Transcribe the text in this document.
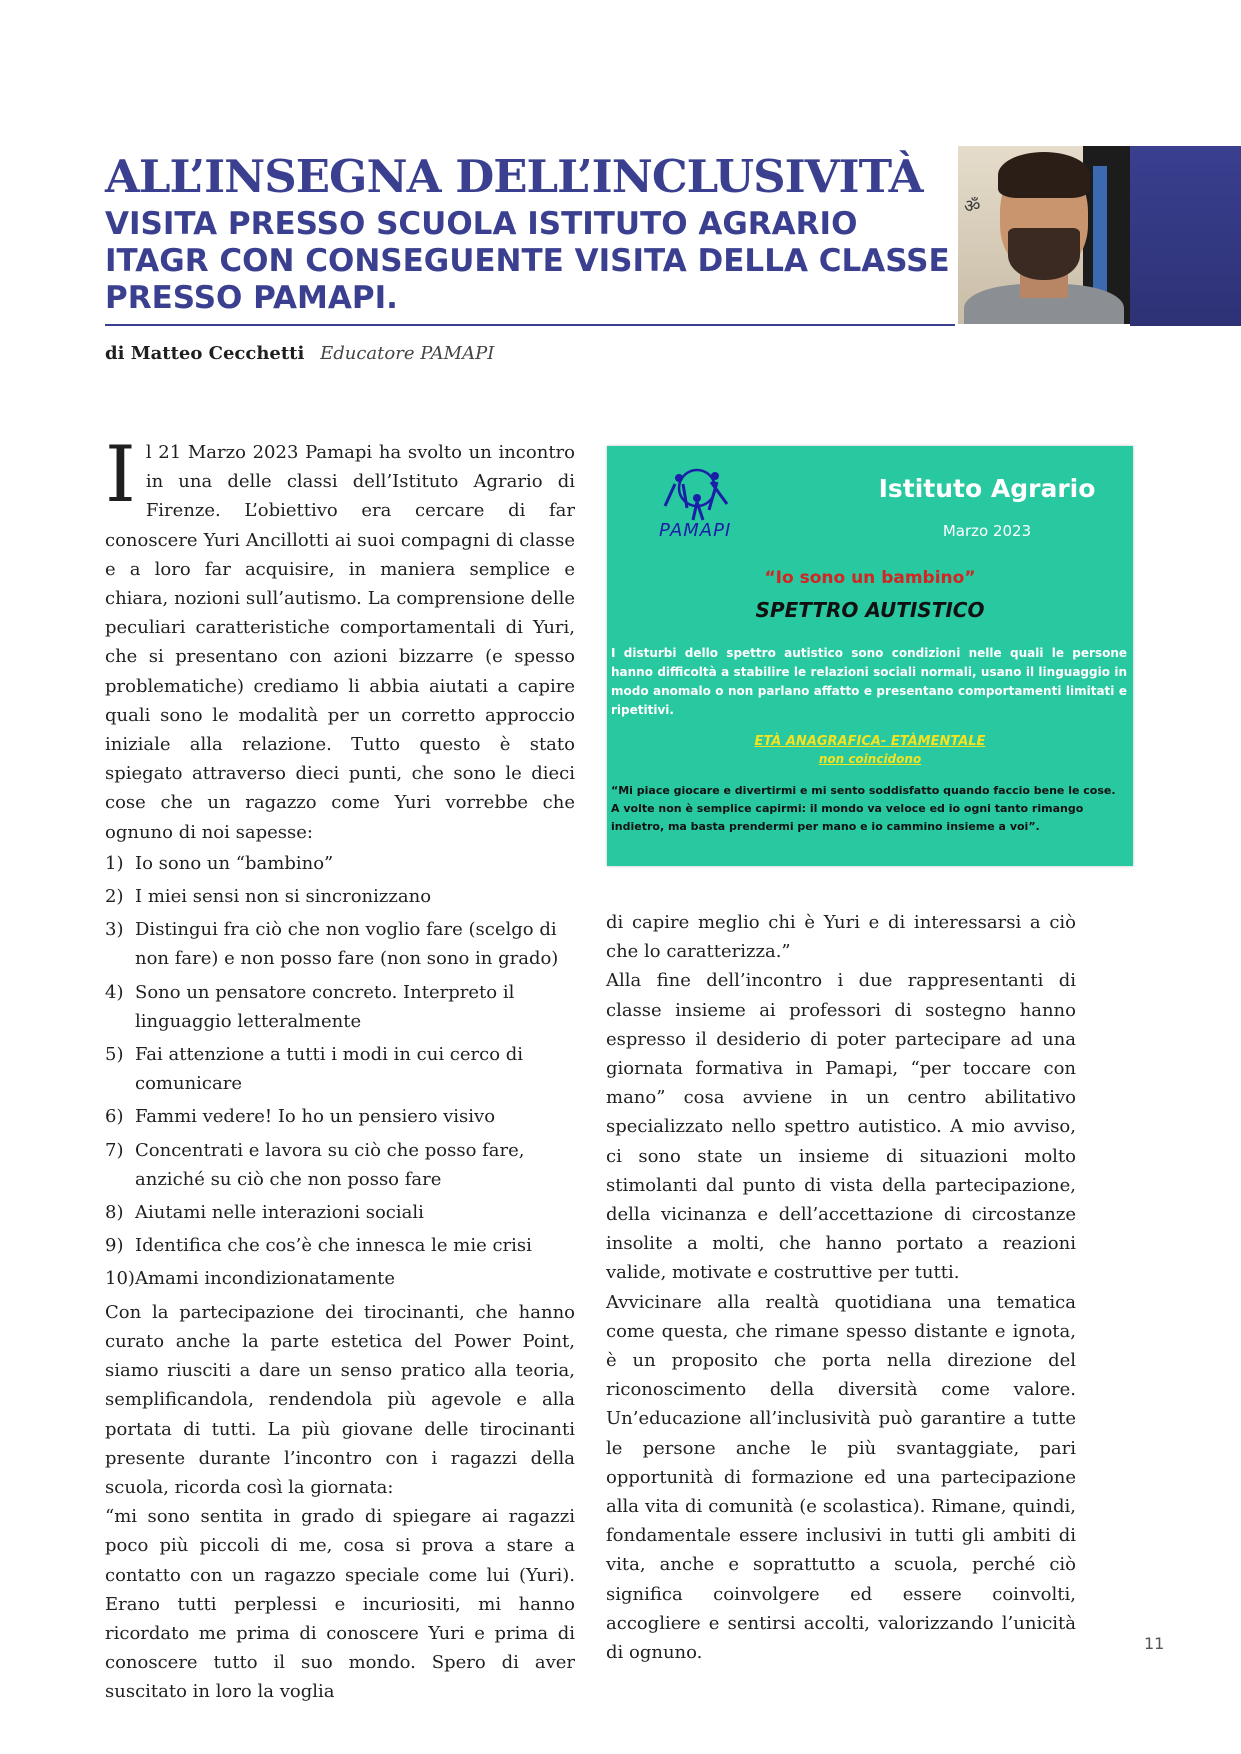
ॐ
ALL’INSEGNA DELL’INCLUSIVITÀ
VISITA PRESSO SCUOLA ISTITUTO AGRARIO ITAGR CON CONSEGUENTE VISITA DELLA CLASSE PRESSO PAMAPI.
di Matteo Cecchetti Educatore PAMAPI

Il 21 Marzo 2023 Pamapi ha svolto un incontro in una delle classi dell’Istituto Agrario di Firenze. L’obiettivo era cercare di far conoscere Yuri Ancillotti ai suoi compagni di classe e a loro far acquisire, in maniera semplice e chiara, nozioni sull’autismo. La comprensione delle peculiari caratteristiche comportamentali di Yuri, che si presentano con azioni bizzarre (e spesso problematiche) crediamo li abbia aiutati a capire quali sono le modalità per un corretto approccio iniziale alla relazione. Tutto questo è stato spiegato attraverso dieci punti, che sono le dieci cose che un ragazzo come Yuri vorrebbe che ognuno di noi sapesse:

1) Io sono un “bambino”
2) I miei sensi non si sincronizzano
3) Distingui fra ciò che non voglio fare (scelgo di non fare) e non posso fare (non sono in grado)
4) Sono un pensatore concreto. Interpreto il linguaggio letteralmente
5) Fai attenzione a tutti i modi in cui cerco di comunicare
6) Fammi vedere! Io ho un pensiero visivo
7) Concentrati e lavora su ciò che posso fare, anziché su ciò che non posso fare
8) Aiutami nelle interazioni sociali
9) Identifica che cos’è che innesca le mie crisi
10) Amami incondizionatamente

Con la partecipazione dei tirocinanti, che hanno curato anche la parte estetica del Power Point, siamo riusciti a dare un senso pratico alla teoria, semplificandola, rendendola più agevole e alla portata di tutti. La più giovane delle tirocinanti presente durante l’incontro con i ragazzi della scuola, ricorda così la giornata:

“mi sono sentita in grado di spiegare ai ragazzi poco più piccoli di me, cosa si prova a stare a contatto con un ragazzo speciale come lui (Yuri). Erano tutti perplessi e incuriositi, mi hanno ricordato me prima di conoscere Yuri e prima di conoscere tutto il suo mondo. Spero di aver suscitato in loro la voglia

PAMAPI
Istituto Agrario
Marzo 2023
“Io sono un bambino”
SPETTRO AUTISTICO
I disturbi dello spettro autistico sono condizioni nelle quali le persone hanno difficoltà a stabilire le relazioni sociali normali, usano il linguaggio in modo anomalo o non parlano affatto e presentano comportamenti limitati e ripetitivi.
ETÀ ANAGRAFICA- ETÀMENTALE
non coincidono
“Mi piace giocare e divertirmi e mi sento soddisfatto quando faccio bene le cose. A volte non è semplice capirmi: il mondo va veloce ed io ogni tanto rimango indietro, ma basta prendermi per mano e io cammino insieme a voi”.

di capire meglio chi è Yuri e di interessarsi a ciò che lo caratterizza.”

Alla fine dell’incontro i due rappresentanti di classe insieme ai professori di sostegno hanno espresso il desiderio di poter partecipare ad una giornata formativa in Pamapi, “per toccare con mano” cosa avviene in un centro abilitativo specializzato nello spettro autistico. A mio avviso, ci sono state un insieme di situazioni molto stimolanti dal punto di vista della partecipazione, della vicinanza e dell’accettazione di circostanze insolite a molti, che hanno portato a reazioni valide, motivate e costruttive per tutti.

Avvicinare alla realtà quotidiana una tematica come questa, che rimane spesso distante e ignota, è un proposito che porta nella direzione del riconoscimento della diversità come valore. Un’educazione all’inclusività può garantire a tutte le persone anche le più svantaggiate, pari opportunità di formazione ed una partecipazione alla vita di comunità (e scolastica). Rimane, quindi, fondamentale essere inclusivi in tutti gli ambiti di vita, anche e soprattutto a scuola, perché ciò significa coinvolgere ed essere coinvolti, accogliere e sentirsi accolti, valorizzando l’unicità di ognuno.	11
